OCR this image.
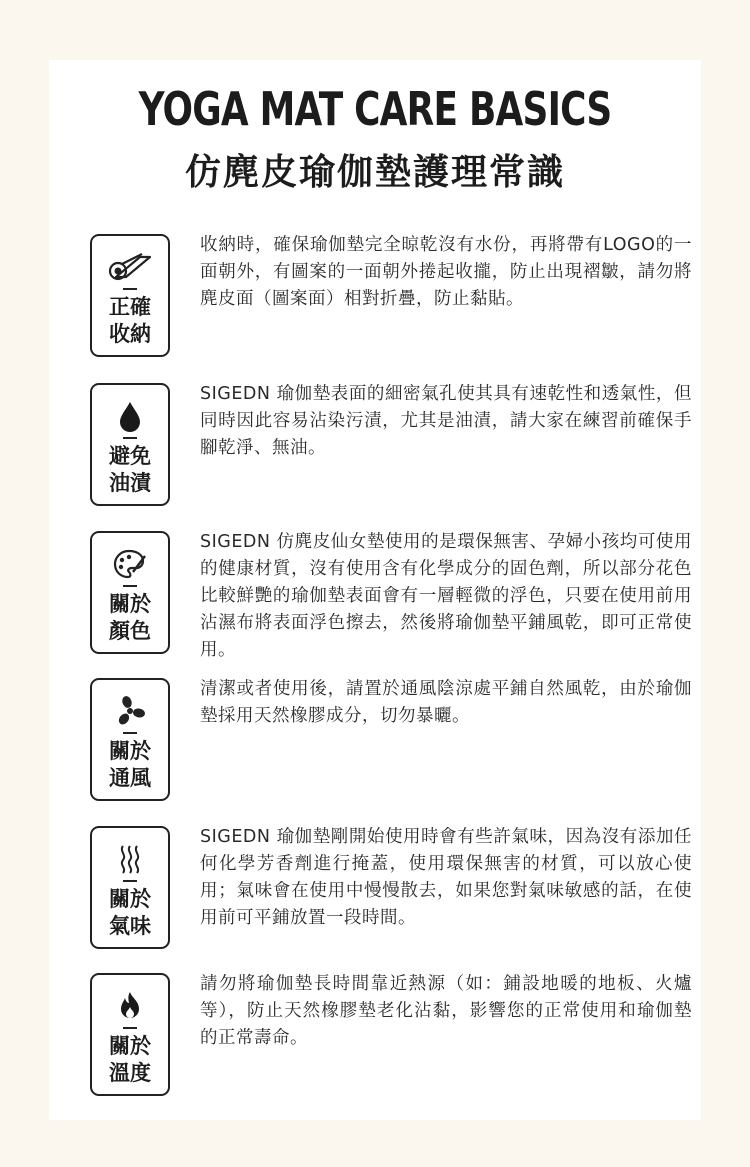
YOGA MAT CARE BASICS
仿麂皮瑜伽墊護理常識
正確
收納
收納時，確保瑜伽墊完全晾乾沒有水份，再將帶有LOGO的一面朝外，有圖案的一面朝外捲起收攏，防止出現褶皺，請勿將麂皮面（圖案面）相對折疊，防止黏貼。
避免
油漬
SIGEDN 瑜伽墊表面的細密氣孔使其具有速乾性和透氣性，但同時因此容易沾染污漬，尤其是油漬，請大家在練習前確保手腳乾淨、無油。
關於
顏色
SIGEDN 仿麂皮仙女墊使用的是環保無害、孕婦小孩均可使用的健康材質，沒有使用含有化學成分的固色劑，所以部分花色比較鮮艷的瑜伽墊表面會有一層輕微的浮色，只要在使用前用沾濕布將表面浮色擦去，然後將瑜伽墊平鋪風乾，即可正常使用。
關於
通風
清潔或者使用後，請置於通風陰涼處平鋪自然風乾，由於瑜伽墊採用天然橡膠成分，切勿暴曬。
關於
氣味
SIGEDN 瑜伽墊剛開始使用時會有些許氣味，因為沒有添加任何化學芳香劑進行掩蓋，使用環保無害的材質，可以放心使用；氣味會在使用中慢慢散去，如果您對氣味敏感的話，在使用前可平鋪放置一段時間。
關於
溫度
請勿將瑜伽墊長時間靠近熱源（如：鋪設地暖的地板、火爐等），防止天然橡膠墊老化沾黏，影響您的正常使用和瑜伽墊的正常壽命。
